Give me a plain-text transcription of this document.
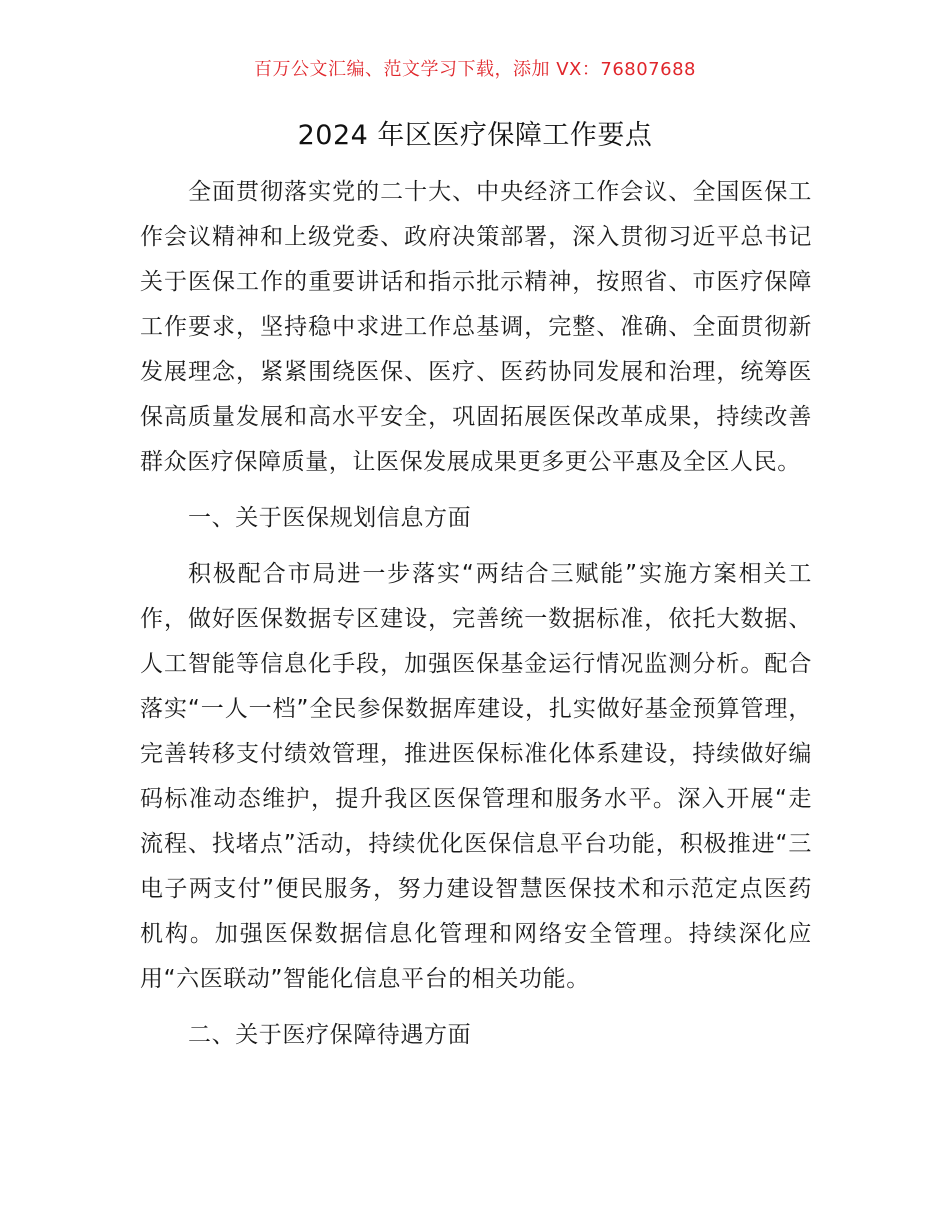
百万公文汇编、范文学习下载，添加 VX：76807688
2024 年区医疗保障工作要点

全面贯彻落实党的二十大、中央经济工作会议、全国医保工作会议精神和上级党委、政府决策部署，深入贯彻习近平总书记关于医保工作的重要讲话和指示批示精神，按照省、市医疗保障工作要求，坚持稳中求进工作总基调，完整、准确、全面贯彻新发展理念，紧紧围绕医保、医疗、医药协同发展和治理，统筹医保高质量发展和高水平安全，巩固拓展医保改革成果，持续改善群众医疗保障质量，让医保发展成果更多更公平惠及全区人民。

一、关于医保规划信息方面

积极配合市局进一步落实“两结合三赋能”实施方案相关工作，做好医保数据专区建设，完善统一数据标准，依托大数据、人工智能等信息化手段，加强医保基金运行情况监测分析。配合落实“一人一档”全民参保数据库建设，扎实做好基金预算管理，完善转移支付绩效管理，推进医保标准化体系建设，持续做好编码标准动态维护，提升我区医保管理和服务水平。深入开展“走流程、找堵点”活动，持续优化医保信息平台功能，积极推进“三电子两支付”便民服务，努力建设智慧医保技术和示范定点医药机构。加强医保数据信息化管理和网络安全管理。持续深化应用“六医联动”智能化信息平台的相关功能。

二、关于医疗保障待遇方面
